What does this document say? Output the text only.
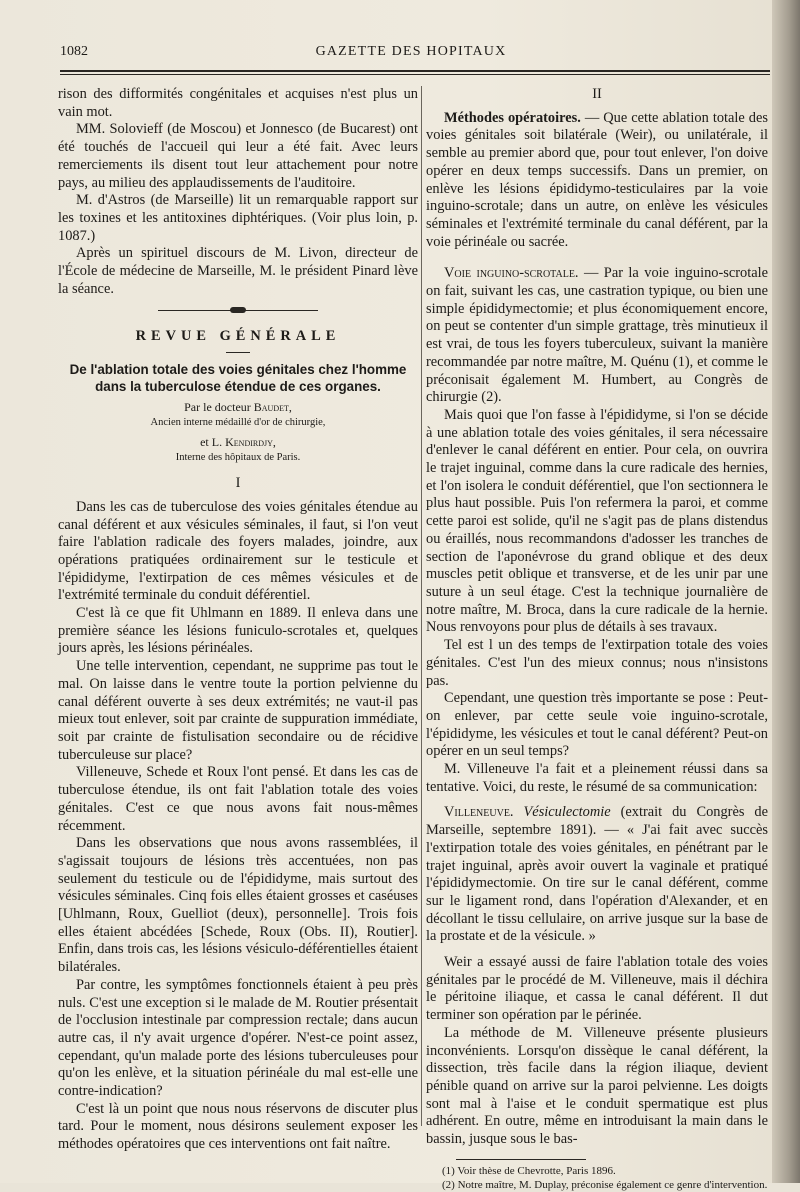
1082	GAZETTE DES HOPITAUX

rison des difformités congénitales et acquises n'est plus un vain mot.

MM. Solovieff (de Moscou) et Jonnesco (de Bucarest) ont été touchés de l'accueil qui leur a été fait. Avec leurs remerciements ils disent tout leur attachement pour notre pays, au milieu des applaudissements de l'auditoire.

M. d'Astros (de Marseille) lit un remarquable rapport sur les toxines et les antitoxines diphtériques. (Voir plus loin, p. 1087.)

Après un spirituel discours de M. Livon, directeur de l'École de médecine de Marseille, M. le président Pinard lève la séance.

REVUE GÉNÉRALE
De l'ablation totale des voies génitales chez l'homme dans la tuberculose étendue de ces organes.
Par le docteur Baudet,
Ancien interne médaillé d'or de chirurgie,
et L. Kendirdjy,
Interne des hôpitaux de Paris.
I

Dans les cas de tuberculose des voies génitales étendue au canal déférent et aux vésicules séminales, il faut, si l'on veut faire l'ablation radicale des foyers malades, joindre, aux opérations pratiquées ordinairement sur le testicule et l'épididyme, l'extirpation de ces mêmes vésicules et de l'extrémité terminale du conduit déférentiel.

C'est là ce que fit Uhlmann en 1889. Il enleva dans une première séance les lésions funiculo-scrotales et, quelques jours après, les lésions périnéales.

Une telle intervention, cependant, ne supprime pas tout le mal. On laisse dans le ventre toute la portion pelvienne du canal déférent ouverte à ses deux extrémités; ne vaut-il pas mieux tout enlever, soit par crainte de suppuration immédiate, soit par crainte de fistulisation secondaire ou de récidive tuberculeuse sur place?

Villeneuve, Schede et Roux l'ont pensé. Et dans les cas de tuberculose étendue, ils ont fait l'ablation totale des voies génitales. C'est ce que nous avons fait nous-mêmes récemment.

Dans les observations que nous avons rassemblées, il s'agissait toujours de lésions très accentuées, non pas seulement du testicule ou de l'épididyme, mais surtout des vésicules séminales. Cinq fois elles étaient grosses et caséuses [Uhlmann, Roux, Guelliot (deux), personnelle]. Trois fois elles étaient abcédées [Schede, Roux (Obs. II), Routier]. Enfin, dans trois cas, les lésions vésiculo-déférentielles étaient bilatérales.

Par contre, les symptômes fonctionnels étaient à peu près nuls. C'est une exception si le malade de M. Routier présentait de l'occlusion intestinale par compression rectale; dans aucun autre cas, il n'y avait urgence d'opérer. N'est-ce point assez, cependant, qu'un malade porte des lésions tuberculeuses pour qu'on les enlève, et la situation périnéale du mal est-elle une contre-indication?

C'est là un point que nous nous réservons de discuter plus tard. Pour le moment, nous désirons seulement exposer les méthodes opératoires que ces interventions ont fait naître.

II

Méthodes opératoires. — Que cette ablation totale des voies génitales soit bilatérale (Weir), ou unilatérale, il semble au premier abord que, pour tout enlever, l'on doive opérer en deux temps successifs. Dans un premier, on enlève les lésions épididymo-testiculaires par la voie inguino-scrotale; dans un autre, on enlève les vésicules séminales et l'extrémité terminale du canal déférent, par la voie périnéale ou sacrée.

Voie inguino-scrotale. — Par la voie inguino-scrotale on fait, suivant les cas, une castration typique, ou bien une simple épididymectomie; et plus économiquement encore, on peut se contenter d'un simple grattage, très minutieux il est vrai, de tous les foyers tuberculeux, suivant la manière recommandée par notre maître, M. Quénu (1), et comme le préconisait également M. Humbert, au Congrès de chirurgie (2).

Mais quoi que l'on fasse à l'épididyme, si l'on se décide à une ablation totale des voies génitales, il sera nécessaire d'enlever le canal déférent en entier. Pour cela, on ouvrira le trajet inguinal, comme dans la cure radicale des hernies, et l'on isolera le conduit déférentiel, que l'on sectionnera le plus haut possible. Puis l'on refermera la paroi, et comme cette paroi est solide, qu'il ne s'agit pas de plans distendus ou éraillés, nous recommandons d'adosser les tranches de section de l'aponévrose du grand oblique et des deux muscles petit oblique et transverse, et de les unir par une suture à un seul étage. C'est la technique journalière de notre maître, M. Broca, dans la cure radicale de la hernie. Nous renvoyons pour plus de détails à ses travaux.

Tel est l un des temps de l'extirpation totale des voies génitales. C'est l'un des mieux connus; nous n'insistons pas.

Cependant, une question très importante se pose : Peut-on enlever, par cette seule voie inguino-scrotale, l'épididyme, les vésicules et tout le canal déférent? Peut-on opérer en un seul temps?

M. Villeneuve l'a fait et a pleinement réussi dans sa tentative. Voici, du reste, le résumé de sa communication:

Villeneuve. Vésiculectomie (extrait du Congrès de Marseille, septembre 1891). — « J'ai fait avec succès l'extirpation totale des voies génitales, en pénétrant par le trajet inguinal, après avoir ouvert la vaginale et pratiqué l'épididymectomie. On tire sur le canal déférent, comme sur le ligament rond, dans l'opération d'Alexander, et en décollant le tissu cellulaire, on arrive jusque sur la base de la prostate et de la vésicule. »

Weir a essayé aussi de faire l'ablation totale des voies génitales par le procédé de M. Villeneuve, mais il déchira le péritoine iliaque, et cassa le canal déférent. Il dut terminer son opération par le périnée.

La méthode de M. Villeneuve présente plusieurs inconvénients. Lorsqu'on dissèque le canal déférent, la dissection, très facile dans la région iliaque, devient pénible quand on arrive sur la paroi pelvienne. Les doigts sont mal à l'aise et le conduit spermatique est plus adhérent. En outre, même en introduisant la main dans le bassin, jusque sous le bas-

(1) Voir thèse de Chevrotte, Paris 1896.

(2) Notre maître, M. Duplay, préconise également ce genre d'intervention.
